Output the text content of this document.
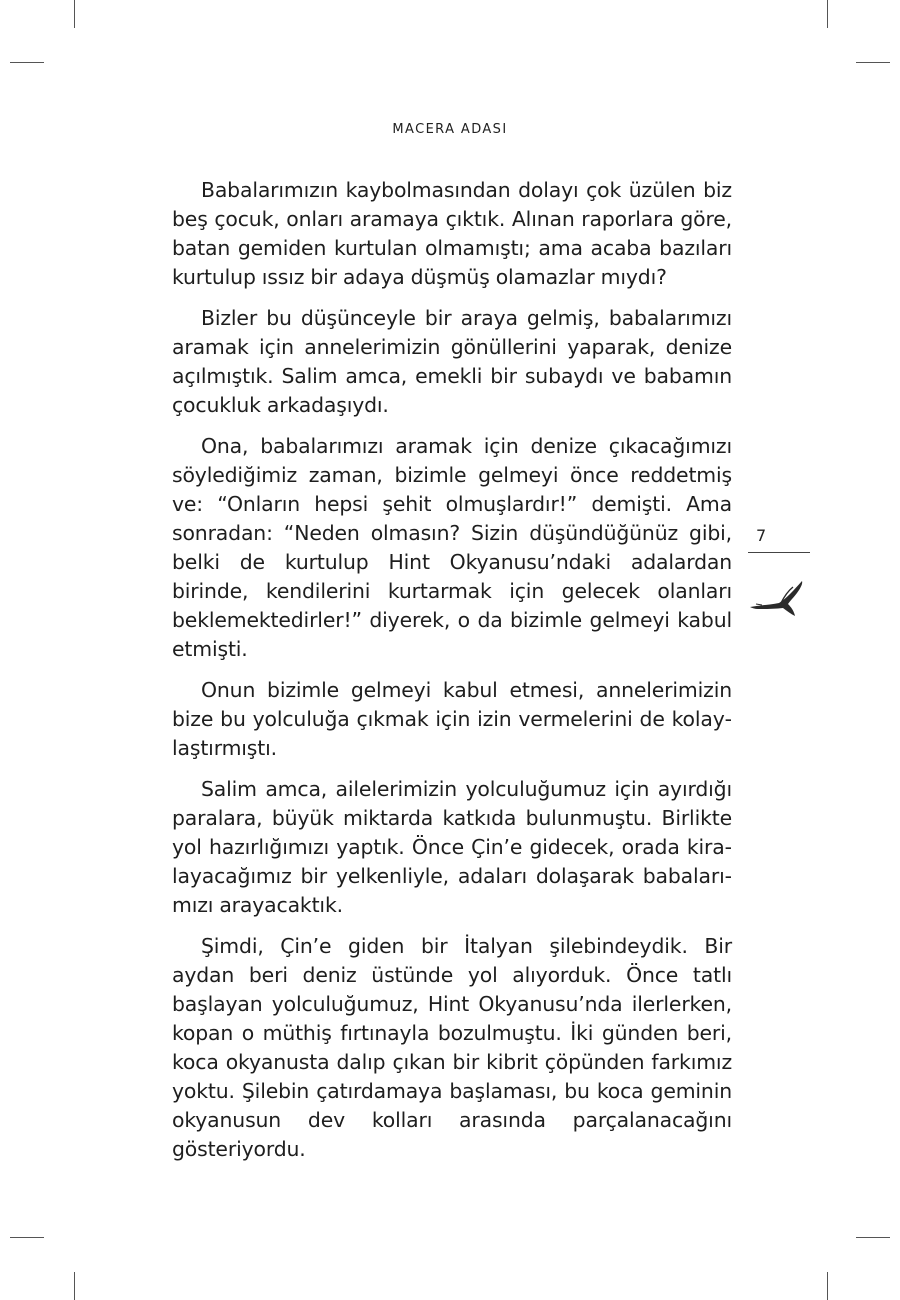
MACERA ADASI

Babalarımızın kaybolmasından dolayı çok üzülen biz beş çocuk, onları aramaya çıktık. Alınan raporlara göre, batan gemiden kurtulan olmamıştı; ama acaba bazıları kurtulup ıssız bir adaya düşmüş olamazlar mıydı?

Bizler bu düşünceyle bir araya gelmiş, babalarımızı aramak için annelerimizin gönüllerini yaparak, denize açılmıştık. Salim amca, emekli bir subaydı ve babamın çocukluk arkadaşıydı.

Ona, babalarımızı aramak için denize çıkacağımızı söylediğimiz zaman, bizimle gelmeyi önce reddetmiş ve: “Onların hepsi şehit olmuşlardır!” demişti. Ama sonradan: “Neden olmasın? Sizin düşündüğünüz gibi, belki de kurtulup Hint Okyanusu’ndaki adalardan birinde, kendilerini kurtarmak için gelecek olanları beklemektedirler!” diyerek, o da bizimle gelmeyi kabul etmişti.

Onun bizimle gelmeyi kabul etmesi, annelerimizin bize bu yolculuğa çıkmak için izin vermelerini de kolaylaştırmıştı.

Salim amca, ailelerimizin yolculuğumuz için ayırdığı paralara, büyük miktarda katkıda bulunmuştu. Birlikte yol hazırlığımızı yaptık. Önce Çin’e gidecek, orada kiralayacağımız bir yelkenliyle, adaları dolaşarak babalarımızı arayacaktık.

Şimdi, Çin’e giden bir İtalyan şilebindeydik. Bir aydan beri deniz üstünde yol alıyorduk. Önce tatlı başlayan yolculuğumuz, Hint Okyanusu’nda ilerlerken, kopan o müthiş fırtınayla bozulmuştu. İki günden beri, koca okyanusta dalıp çıkan bir kibrit çöpünden farkımız yoktu. Şilebin çatırdamaya başlaması, bu koca geminin okyanusun dev kolları arasında parçalanacağını gösteriyordu.

7
